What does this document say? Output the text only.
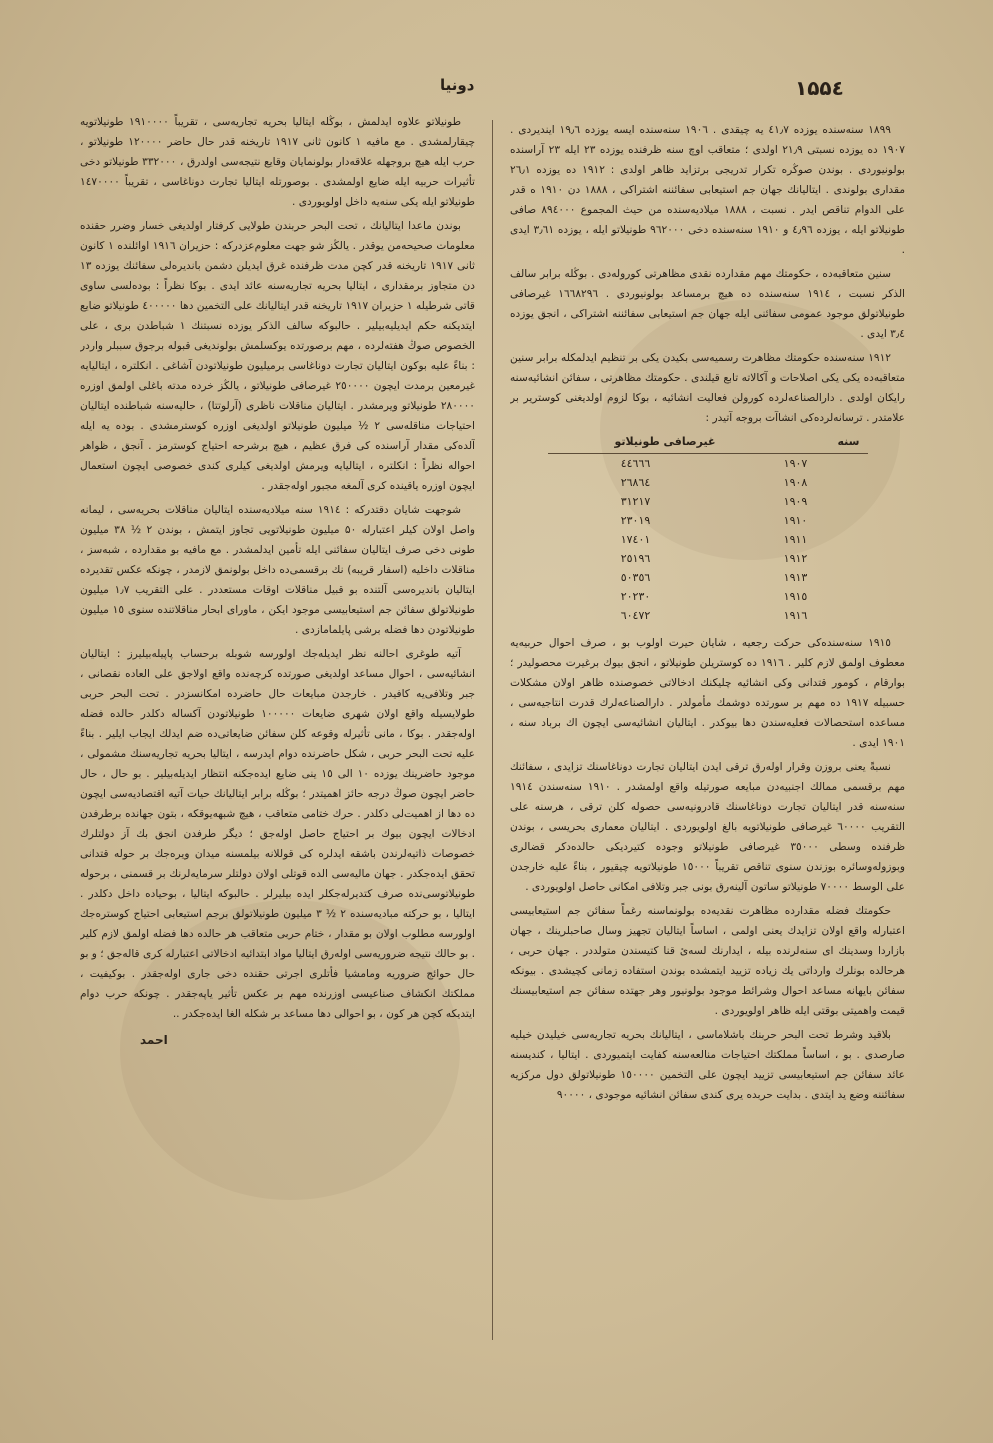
۱۵۵٤
دونیا

۱۸۹۹ سنه‌سنده یوزده ٤۱٫۷ یه چیقدی . ۱۹۰٦ سنه‌سنده ایسه یوزده ۱۹٫٦ ایندیردی . ۱۹۰۷ ده یوزده نسبتی ۲۱٫۹ اولدی ؛ متعاقب اوچ سنه ظرفنده یوزده ۲۳ ایله ۲۳ آراسنده بولونیوردی . بوندن صوڭره تکرار تدریجی برتزاید ظاهر اولدی : ۱۹۱۲ ده یوزده ۲٦٫۱ مقداری بولوندی . ایتالیانك جهان جم استیعابی سفائننه اشتراکی ، ۱۸۸۸ دن ۱۹۱۰ ه قدر علی الدوام تناقص ایدر . نسبت ، ۱۸۸۸ میلادیه‌سنده من حیث المجموع ۸۹٤۰۰۰ صافی طونیلاتو ایله ، یوزده ٤٫۹٦ و ۱۹۱۰ سنه‌سنده دخی ۹٦۲۰۰۰ طونیلاتو ایله ، یوزده ۳٫٦۱ ایدی .

سنین متعاقبه‌ده ، حکومتك مهم مقدارده نقدی مظاهرتی کوروله‌دی . بوڭله برابر سالف الذکر نسبت ، ۱۹۱٤ سنه‌سنده ده هیچ برمساعد بولونیوردی . ۱٦٦۸۲۹٦ غیرصافی طونیلاتولق موجود عمومی سفائنی ایله جهان جم استیعابی سفائننه اشتراکی ، انجق یوزده ۳٫٤ ایدی .

۱۹۱۲ سنه‌سنده حکومتك مظاهرت رسمیه‌سی بکیدن یکی بر تنظیم ایدلمکله برابر سنین متعاقبه‌ده یکی یکی اصلاحات و آکالاته تابع قیلندی . حکومتك مظاهرتی ، سفائن انشائیه‌سنه رایکان اولدی . دارالصناعه‌لرده کورولن فعالیت انشائیه ، بوکا لزوم اولدیغنی کوستریر بر علامتدر . ترسانه‌لرده‌کی انشاآت بروجه آتیدر :

سنه	غیرصافی طونیلاتو
۱۹۰۷	٤٤٦٦٦
۱۹۰۸	۲٦۸٦٤
۱۹۰۹	۳۱۲۱۷
۱۹۱۰	۲۳۰۱۹
۱۹۱۱	۱۷٤۰۱
۱۹۱۲	۲٥۱۹٦
۱۹۱۳	٥۰۳٥٦
۱۹۱٥	۲۰۲۳۰
۱۹۱٦	٦۰٤۷۲

۱۹۱٥ سنه‌سنده‌کی حرکت رجعیه ، شایان حیرت اولوب بو ، صرف احوال حربیه‌یه معطوف اولمق لازم کلیر . ۱۹۱٦ ده کوستریلن طونیلاتو ، انجق بیوك برغیرت محصولیدر ؛ بوارقام ، کومور قتدانی وکی انشائیه چلیکنك ادخالاتی خصوصنده ظاهر اولان مشکلات حسبیله ۱۹۱۷ ده مهم بر سورتده دوشمك مأمولدر . دارالصناعه‌لرك قدرت انتاجیه‌سی ، مساعده استحصالات فعلیه‌سندن دها بیوکدر . ایتالیان انشائیه‌سی ایچون اك برباد سنه ، ۱۹۰۱ ایدی .

نسبةً یعنی بروزن وقرار اوله‌رق ترقی ایدن ایتالیان تجارت دوناغاسنك تزایدی ، سفائنك مهم برقسمی ممالك اجنبیه‌دن مبایعه صورتیله واقع اولمشدر . ۱۹۱۰ سنه‌سندن ۱۹۱٤ سنه‌سنه قدر ایتالیان تجارت دوناغاسنك قادرونیه‌سی حصوله کلن ترقی ، هرسنه علی التقریب ٦۰۰۰۰ غیرصافی طونیلاتویه بالغ اولویوردی . ایتالیان معماری بحریسی ، بوندن ظرفنده وسطی ۳٥۰۰۰ غیرصافی طونیلاتو وجوده کتیردیکی حالده‌دکر قضالری وبوزوله‌وسائره بوزندن سنوی تناقص تقریباً ۱٥۰۰۰ طونیلاتویه چیقیور ، بناءً علیه خارجدن علی الوسط ۷۰۰۰۰ طونیلاتو ساتون آلینه‌رق بونی جبر وتلافی امکانی حاصل اولویوردی .

حکومتك فضله مقدارده مظاهرت نقدیه‌ده بولونماسنه رغماً سفائن جم استیعابیسی اعتبارله واقع اولان تزایدك یعنی اولمی ، اساساً ایتالیان تجهیز وسال صاحبلرینك ، جهان بازاردا وسدینك ای سنه‌لرنده بیله ، ایدارنك لسه‌ئ قنا کتیسندن متولددر . جهان حربی ، هرحالده بونلرك وارداتی یك زیاده تزیید ایتمشده بوندن استفاده زمانی کچیشدی . بیونکه سفائن بایهانه مساعد احوال وشرائط موجود بولونیور وهر جهتده سفائن جم استیعابیسنك قیمت واهمیتی بوقتی ایله ظاهر اولویوردی .

بلاقید وشرط تحت البحر حربنك باشلاماسی ، ایتالیانك بحریه تجاریه‌سی خیلیدن خیلیه صارصدی . بو ، اساساً مملکتك احتیاجات منالعه‌سنه کفایت ایتمیوردی . ایتالیا ، کندیسنه عائد سفائن جم استیعابیسی تزیید ایچون علی التخمین ۱٥۰۰۰۰ طونیلاتولق دول مرکزیه سفائننه وضع ید ایتدی . بدایت حربده‌ یری کندی سفائن انشائیه موجودی ، ۹۰۰۰۰

طونیلاتو علاوه ایدلمش ، بوڭله ایتالیا بحریه تجاریه‌سی ، تقریباً ۱۹۱۰۰۰۰ طونیلاتویه چیقارلمشدی . مع مافیه ۱ کانون ثانی ۱۹۱۷ تاریخنه قدر حال حاضر ۱۲۰۰۰۰ طونیلاتو ، حرب ایله هیچ بروجهله علاقه‌دار بولونمایان وقایع نتیجه‌سی اولدرق ، ۳۳۲۰۰۰ طونیلاتو دخی تأثیرات حربیه ایله ضایع اولمشدی . بوصورتله ایتالیا تجارت دوناغاسی ، تقریباً ۱٤۷۰۰۰۰ طونیلاتو ایله یکی سنه‌یه داخل اولویوردی .

بوندن ماعدا ایتالیانك ، تحت البحر حربندن طولایی کرفتار اولدیغی خسار وضرر حقنده معلومات صحیحه‌من یوقدر . یالڭز شو جهت معلوم‌عزدرکه : حزیران ۱۹۱٦ اوائلنده ۱ کانون ثانی ۱۹۱۷ تاریخنه قدر کچن مدت ظرفنده غرق ایدیلن دشمن باندیره‌لی سفائنك یوزده ۱۳ دن متجاوز برمقداری ، ایتالیا بحریه تجاریه‌سنه عائد ایدی . بوکا نظراً : بوده‌لسی ساوی قاتی شرطیله ۱ حزیران ۱۹۱۷ تاریخنه قدر ایتالیانك علی التخمین دها ٤۰۰۰۰۰ طونیلاتو ضایع ایتدیکنه حکم ایدیلیه‌بیلیر . حالبوکه سالف الذکر یوزده نسبتنك ۱ شباطدن بری ، علی الخصوص صوڭ هفته‌لرده ، مهم برصورتده یوکسلمش بولوندیغی قبوله برجوق سببلر واردر : بناءً علیه بوکون ایتالیان تجارت دوناغاسی برمیلیون طونیلاتودن آشاغی . انکلتره ، ایتالیایه غیرمعین برمدت ایچون ۲٥۰۰۰۰ غیرصافی طونیلاتو ، یالڭز خرده مدته باغلی اولمق اوزره ۲۸۰۰۰۰ طونیلاتو ویرمشدر . ایتالیان مناقلات ناظری (آرلوتتا) ، حالیه‌سنه شباطنده ایتالیان احتیاجات مناقله‌سی ۲ ½ میلیون طونیلاتو اولدیغی اوزره کوسترمشدی . بوده یه ایله آلده‌کی مقدار آراسنده کی فرق عظیم ، هیچ برشرحه احتیاج کوسترمز . آنجق ، ظواهر احواله نظراً : انکلتره ، ایتالیایه ویرمش اولدیغی کیلری کندی خصوصی ایچون استعمال ایچون اوزره یاقینده کری آلمغه مجبور اوله‌جقدر .

شوجهت شایان دقتدرکه : ۱۹۱٤ سنه میلادیه‌سنده ایتالیان مناقلات بحریه‌سی ، لیمانه واصل اولان کیلر اعتبارله ۵۰ میلیون طونیلاتویی تجاوز ایتمش ، بوندن ۲ ½ ۳۸ میلیون طونی دخی صرف ایتالیان سفائنی ایله تأمین ایدلمشدر . مع مافیه بو مقدارده ، شبه‌سز ، مناقلات داخلیه (اسفار قریبه) نك برقسمی‌ده داخل بولونمق لازمدر ، چونکه عکس تقدیرده ایتالیان باندیره‌سی آلتنده بو قبیل مناقلات اوقات مستعددر . علی التقریب ۱٫۷ میلیون طونیلاتولق سفائن جم استیعابیسی موجود ایکن ، ماورای ابحار مناقلاتنده سنوی ۱٥ میلیون طونیلاتودن دها فضله برشی پایلمامازدی .

آتیه طوغری احالنه نظر ایدیله‌جك اولورسه شوبله برحساب پاپیله‌بیلیرز : ایتالیان انشائیه‌سی ، احوال مساعد اولدیغی صورتده کرچه‌نده واقع اولاجق علی العاده نقصانی ، جبر وتلافی‌یه کافیدر . خارجدن مبایعات حال حاضرده امکانسزدر . تحت البحر حربی طولایسیله واقع اولان شهری ضایعات ۱۰۰۰۰۰ طونیلاتودن آکساله دکلدر حالده فضله اوله‌جقدر . بوکا ، مانی تأثیرله وقوعه کلن سفائن ضایعاتی‌ده ضم ایدلك ایجاب ایلیر . بناءً علیه تحت البحر حربی ، شکل حاضرنده دوام ایدرسه ، ایتالیا بحریه تجاریه‌سنك مشمولی ، موجود حاضرینك یوزده ۱۰ الی ۱٥ ینی ضایع ایده‌جکنه انتظار ایدیله‌بیلیر . بو حال ، حال حاضر ایچون صوڭ درجه حائز اهمیتدر ؛ بوڭله برابر ایتالیانك حیات آتیه اقتصادیه‌سی ایچون ده دها از اهمیت‌لی دکلدر . حرك ختامی متعاقب ، هیچ شبهه‌یوقکه ، بتون جهانده برطرفدن ادخالات ایچون بیوك بر احتیاج حاصل اوله‌جق ؛ دیگر طرفدن انجق بك آز دولتلرك خصوصات ذاتیه‌لرندن باشقه ایدلره کی قوللانه بیلمسنه میدان ویره‌جك بر حوله قتدانی تحقق ایده‌جکدر . جهان مالیه‌سی الده قوتلی اولان دولتلر سرمایه‌لرنك بر قسمنی ، برحوله طونیلاتوسی‌نده صرف کتدیرله‌جکلر ایده بیلیرلر . حالبوکه ایتالیا ، بوحیاده داخل دکلدر . ایتالیا ، بو حرکته مبادیه‌سنده ۲ ½ ۳ میلیون طونیلاتولق برجم استیعابی احتیاج کوستره‌جك اولورسه مطلوب اولان بو مقدار ، ختام حربی متعاقب هر حالده دها فضله اولمق لازم کلیر . بو حالك نتیجه ضروریه‌سی اوله‌رق ایتالیا مواد ابتدائیه ادخالاتی اعتبارله کری قاله‌جق ؛ و بو حال حوائج ضروریه ومامشیا فأتلری اجرتی حقنده دخی جاری اوله‌جقدر . بوکیفیت ، مملکتك انکشاف صناعیسی اوزرنده مهم بر عکس تأثیر یاپه‌جقدر . چونکه حرب دوام ایتدیکه کچن هر کون ، بو احوالی دها مساعد بر شکله الغا ایده‌جکدر ..

احمد
